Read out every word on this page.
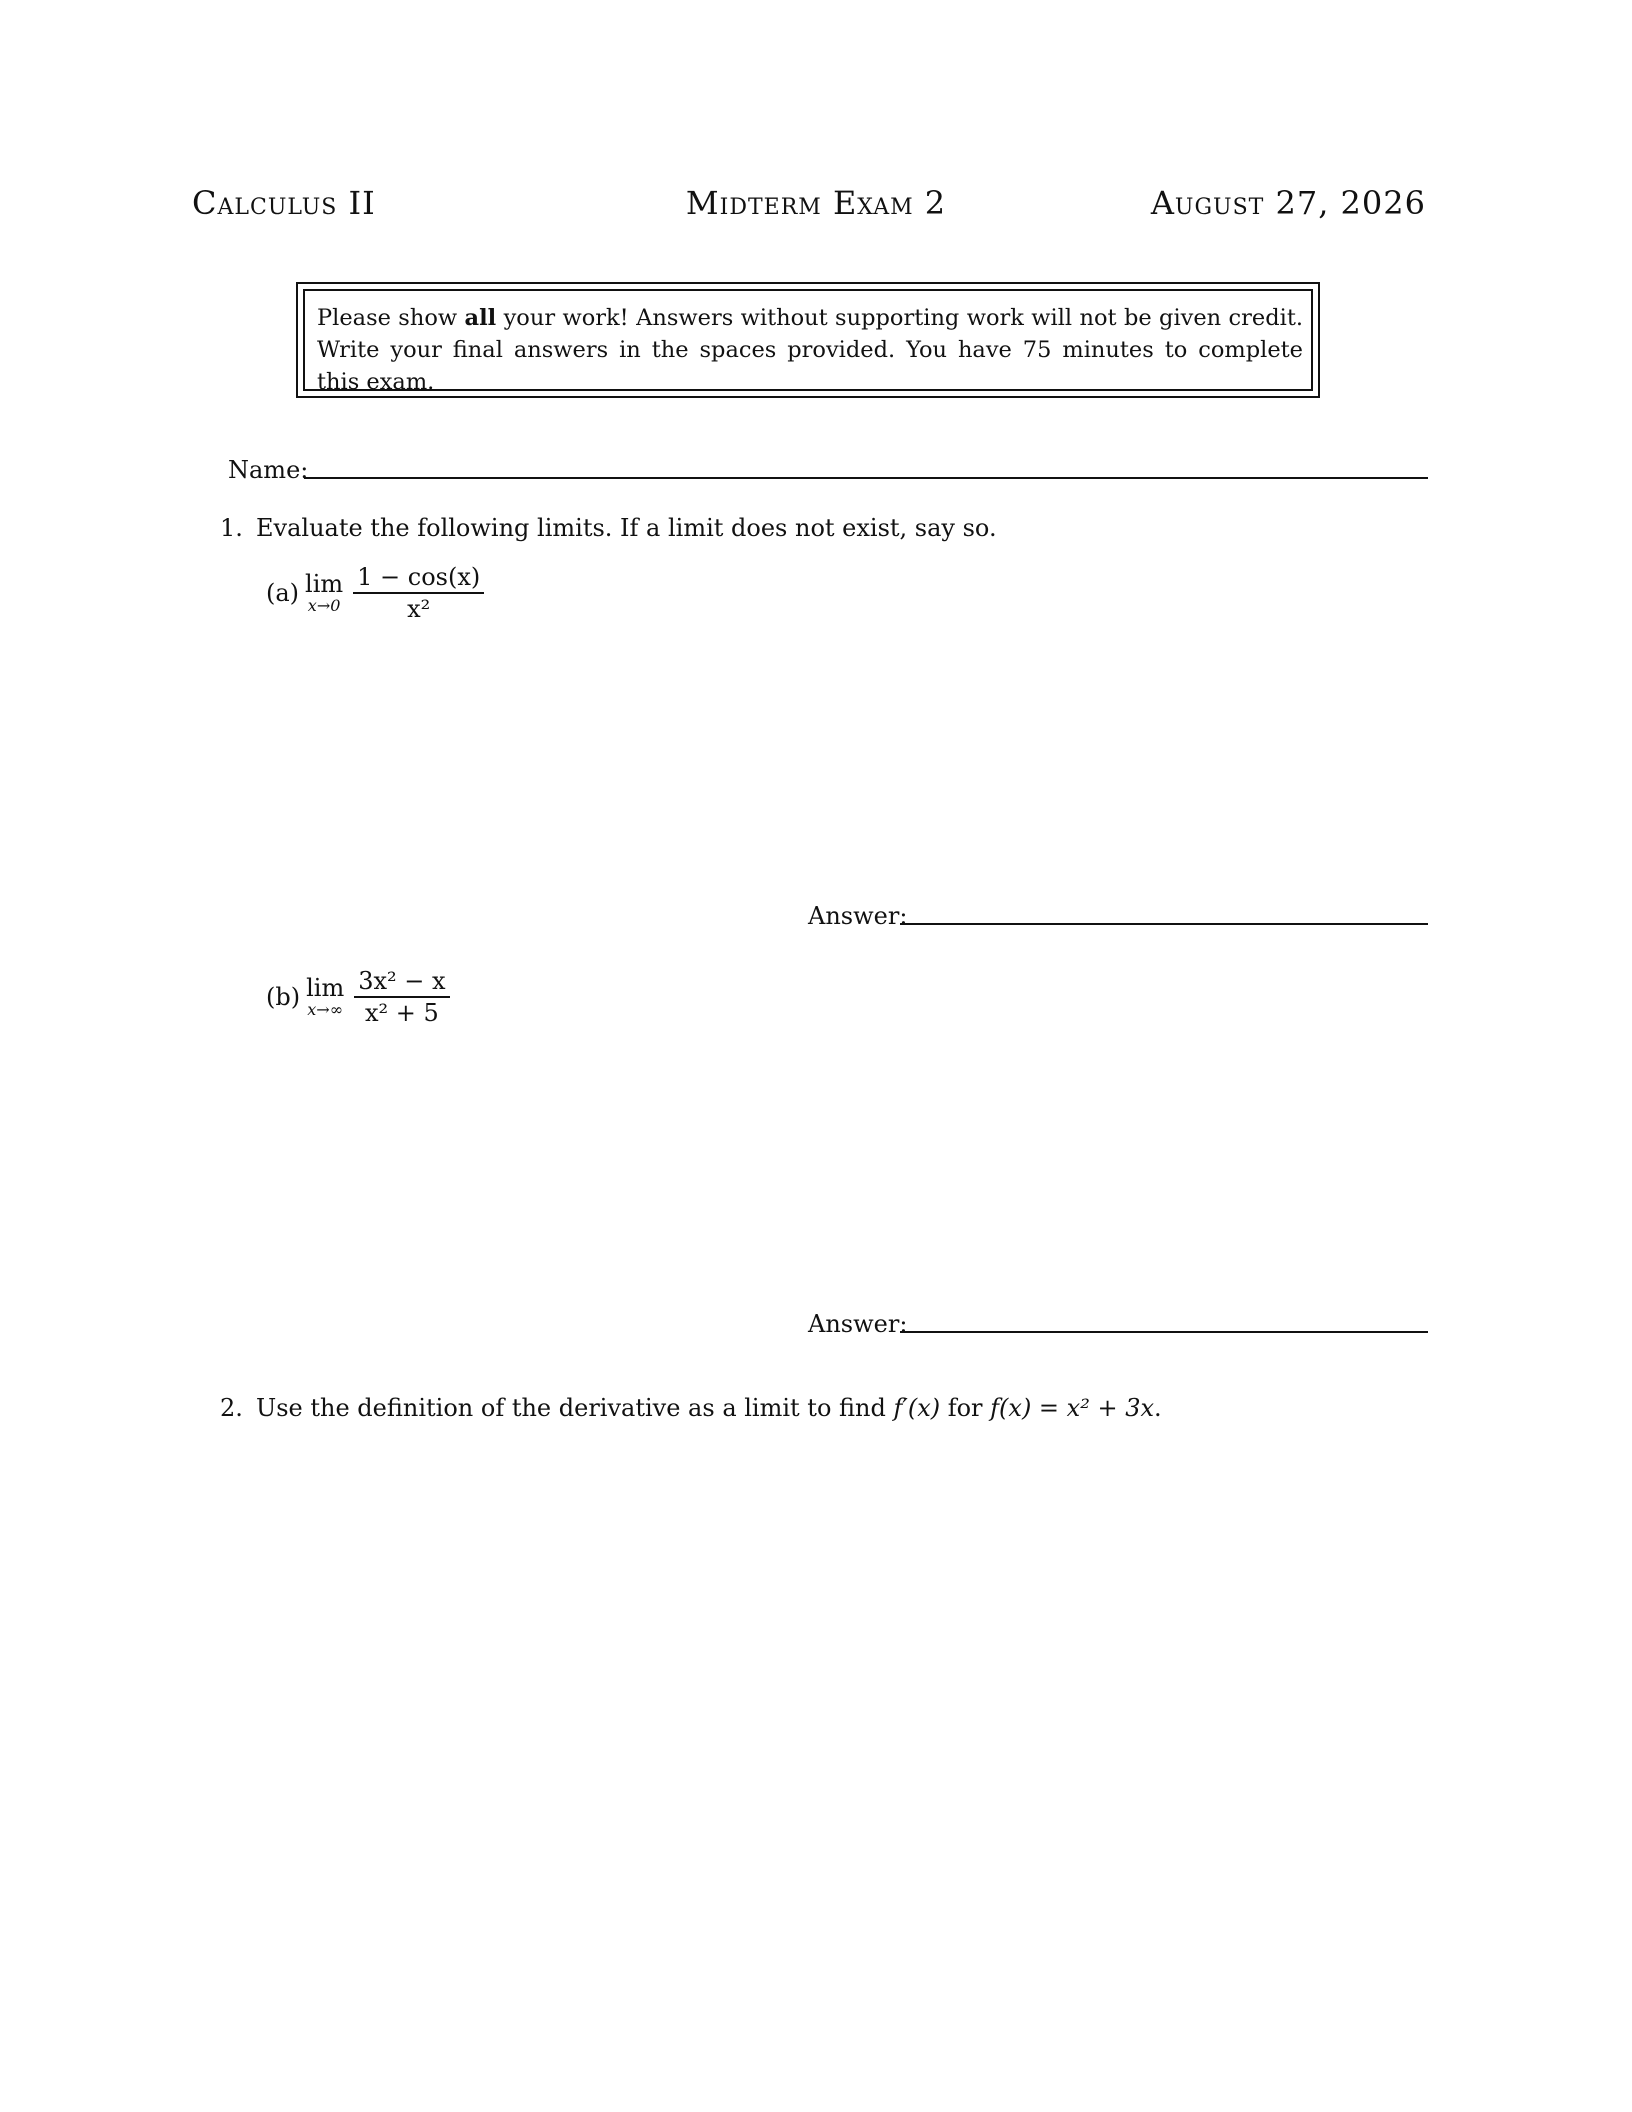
Calculus II	Midterm Exam 2	August 27, 2026
Please show all your work! Answers without supporting work will not be given credit. Write your final answers in the spaces provided. You have 75 minutes to complete this exam.
Name:
1. Evaluate the following limits. If a limit does not exist, say so.
(a) lim
$x\to 0 \frac{1 - \cos(x)}{\text{x²}}$
Answer:
(b) lim
$x\to\infty \frac{\text{3x² − x}}{\text{x² + 5}}$
Answer:
2. Use the definition of the derivative as a limit to find f′(x) for f(x) = x² + 3x.
